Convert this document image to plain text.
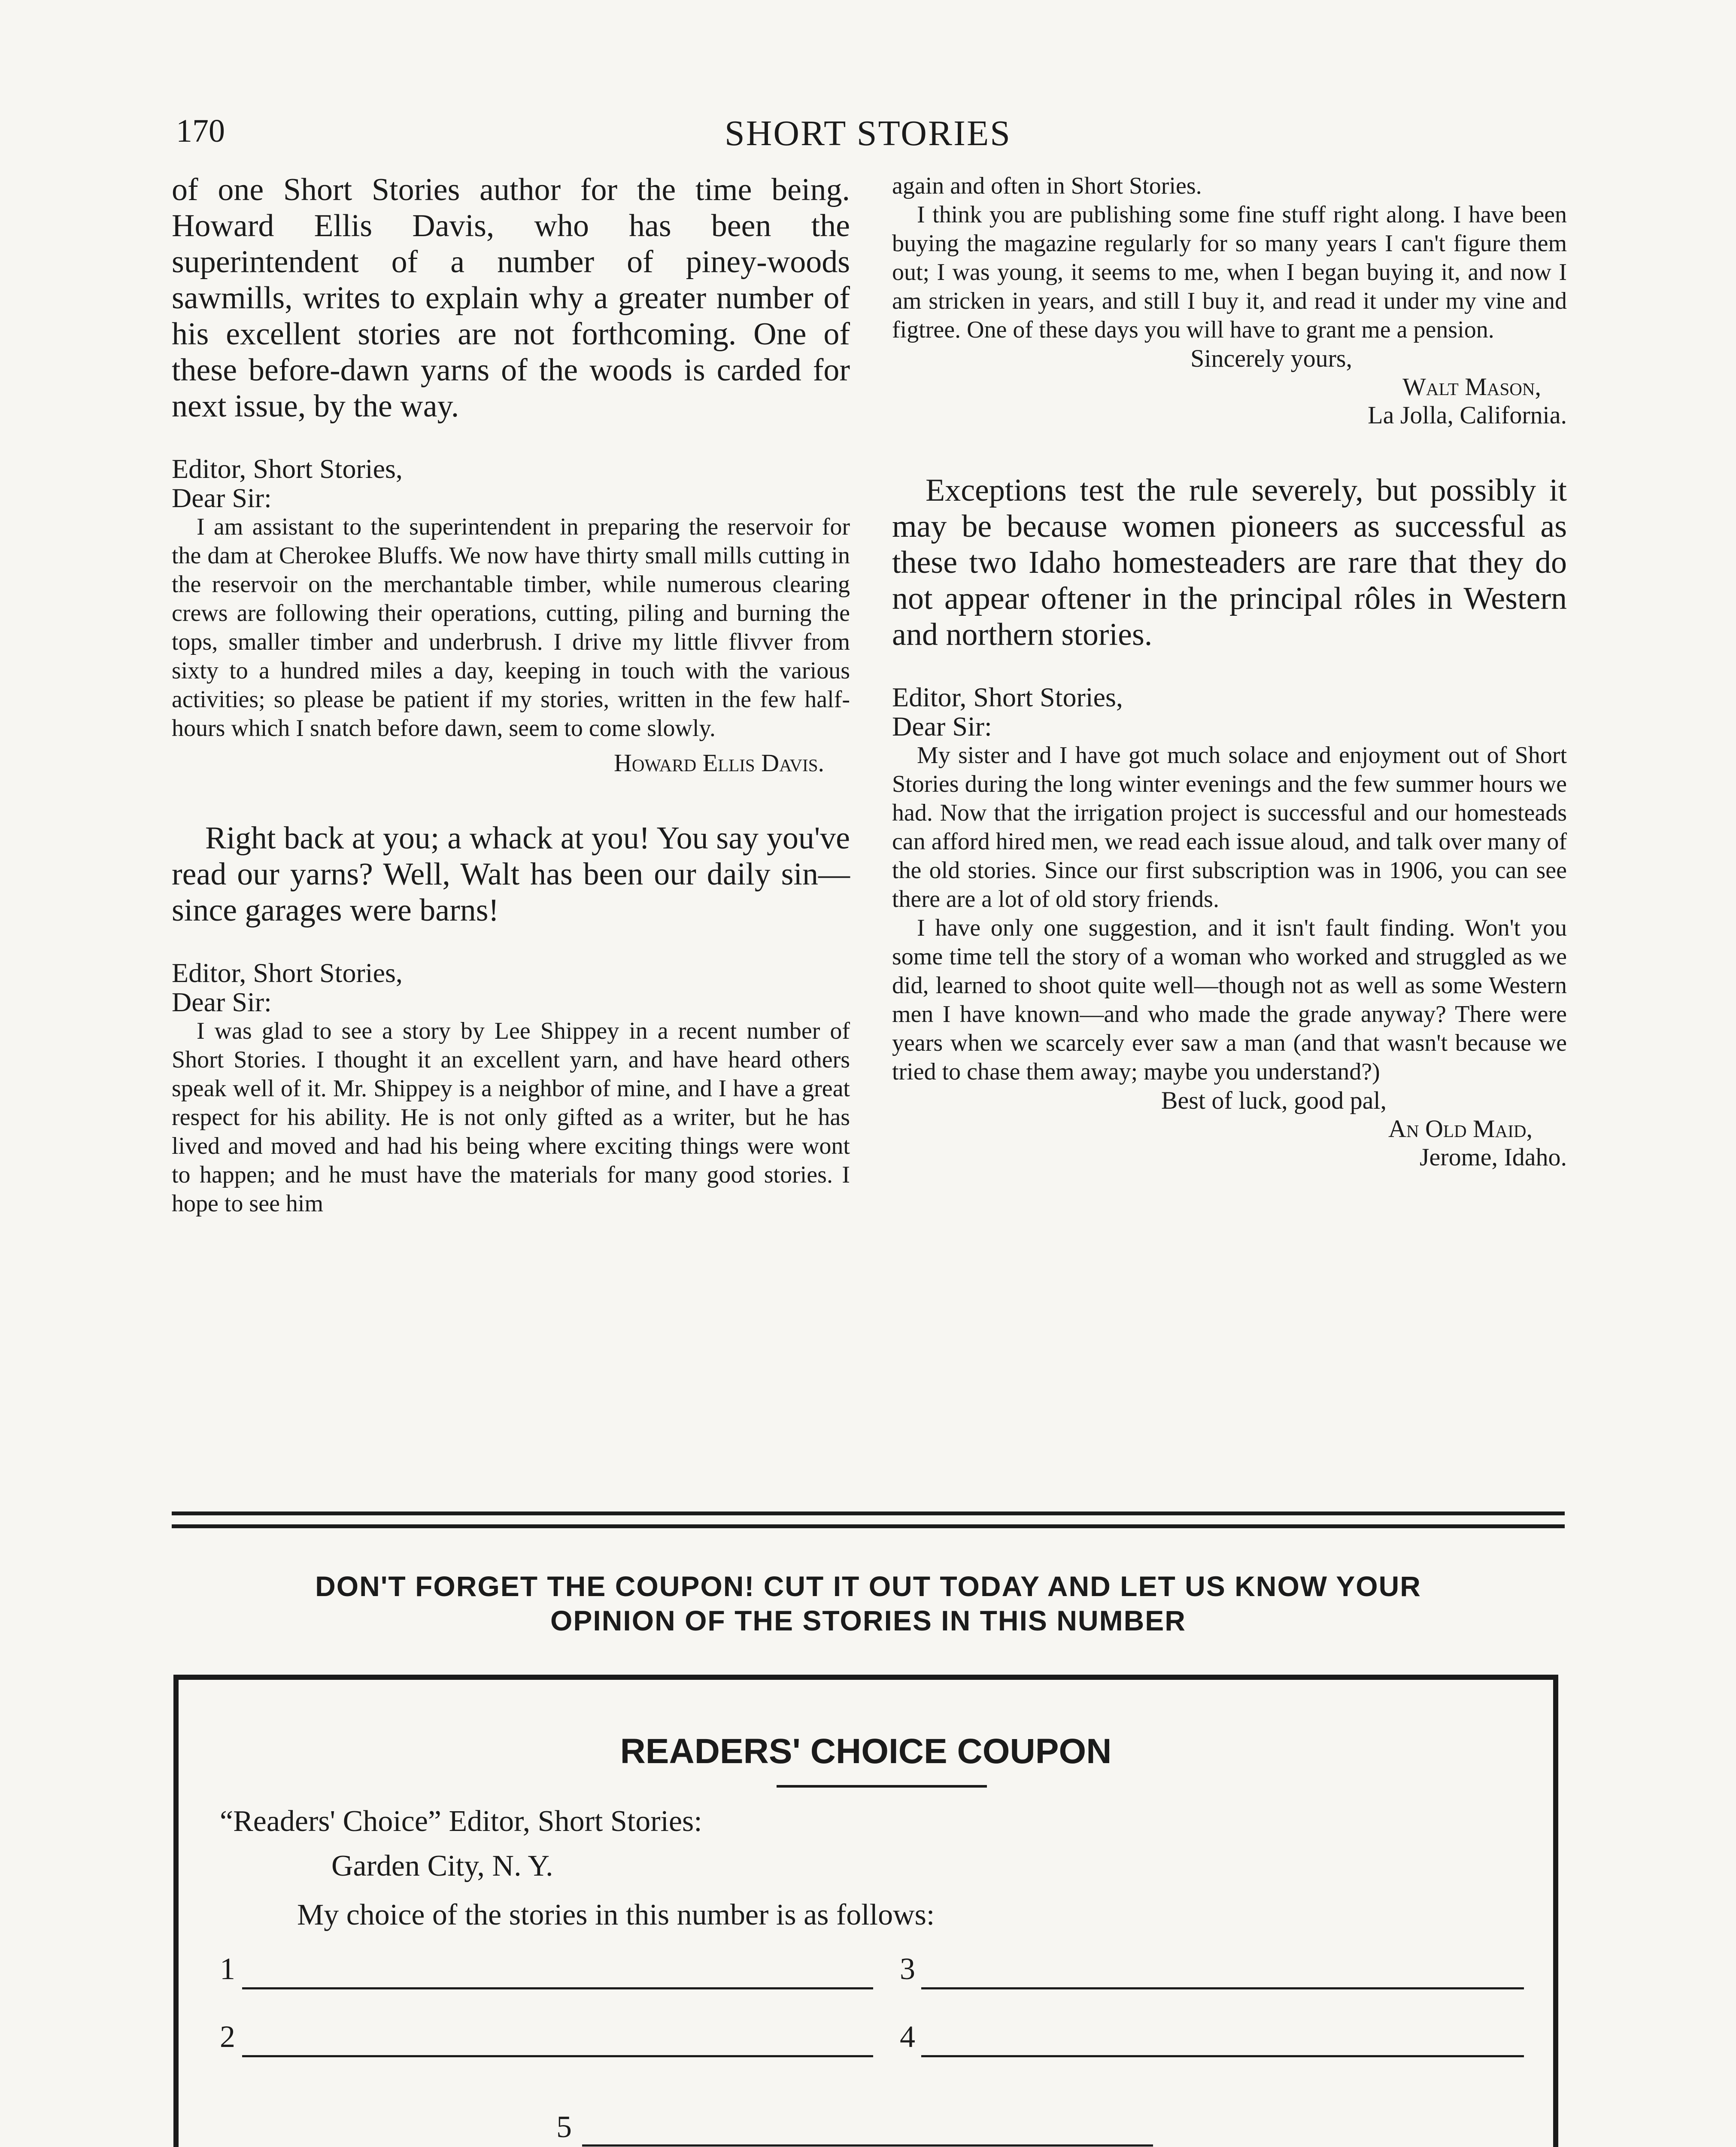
170	SHORT STORIES

of one Short Stories author for the time being. Howard Ellis Davis, who has been the superintendent of a number of piney-woods sawmills, writes to explain why a greater number of his excellent stories are not forthcoming. One of these before-dawn yarns of the woods is carded for next issue, by the way.

Editor, Short Stories,

Dear Sir:

I am assistant to the superintendent in preparing the reservoir for the dam at Cherokee Bluffs. We now have thirty small mills cutting in the reservoir on the merchantable timber, while numerous clearing crews are following their operations, cutting, piling and burning the tops, smaller timber and underbrush. I drive my little flivver from sixty to a hundred miles a day, keeping in touch with the various activities; so please be patient if my stories, written in the few half-hours which I snatch before dawn, seem to come slowly.

Howard Ellis Davis.

Right back at you; a whack at you! You say you've read our yarns? Well, Walt has been our daily sin—since garages were barns!

Editor, Short Stories,

Dear Sir:

I was glad to see a story by Lee Shippey in a recent number of Short Stories. I thought it an excellent yarn, and have heard others speak well of it. Mr. Shippey is a neighbor of mine, and I have a great respect for his ability. He is not only gifted as a writer, but he has lived and moved and had his being where exciting things were wont to happen; and he must have the materials for many good stories. I hope to see him

again and often in Short Stories.

I think you are publishing some fine stuff right along. I have been buying the magazine regularly for so many years I can't figure them out; I was young, it seems to me, when I began buying it, and now I am stricken in years, and still I buy it, and read it under my vine and figtree. One of these days you will have to grant me a pension.

Sincerely yours,

Walt Mason,

La Jolla, California.

Exceptions test the rule severely, but possibly it may be because women pioneers as successful as these two Idaho homesteaders are rare that they do not appear oftener in the principal rôles in Western and northern stories.

Editor, Short Stories,

Dear Sir:

My sister and I have got much solace and enjoyment out of Short Stories during the long winter evenings and the few summer hours we had. Now that the irrigation project is successful and our homesteads can afford hired men, we read each issue aloud, and talk over many of the old stories. Since our first subscription was in 1906, you can see there are a lot of old story friends.

I have only one suggestion, and it isn't fault finding. Won't you some time tell the story of a woman who worked and struggled as we did, learned to shoot quite well—though not as well as some Western men I have known—and who made the grade anyway? There were years when we scarcely ever saw a man (and that wasn't because we tried to chase them away; maybe you understand?)

Best of luck, good pal,

An Old Maid,

Jerome, Idaho.

DON'T FORGET THE COUPON! CUT IT OUT TODAY AND LET US KNOW YOUR
OPINION OF THE STORIES IN THIS NUMBER
READERS' CHOICE COUPON
“Readers' Choice” Editor, Short Stories:
Garden City, N. Y.
My choice of the stories in this number is as follows:
1	3
2	4
5
